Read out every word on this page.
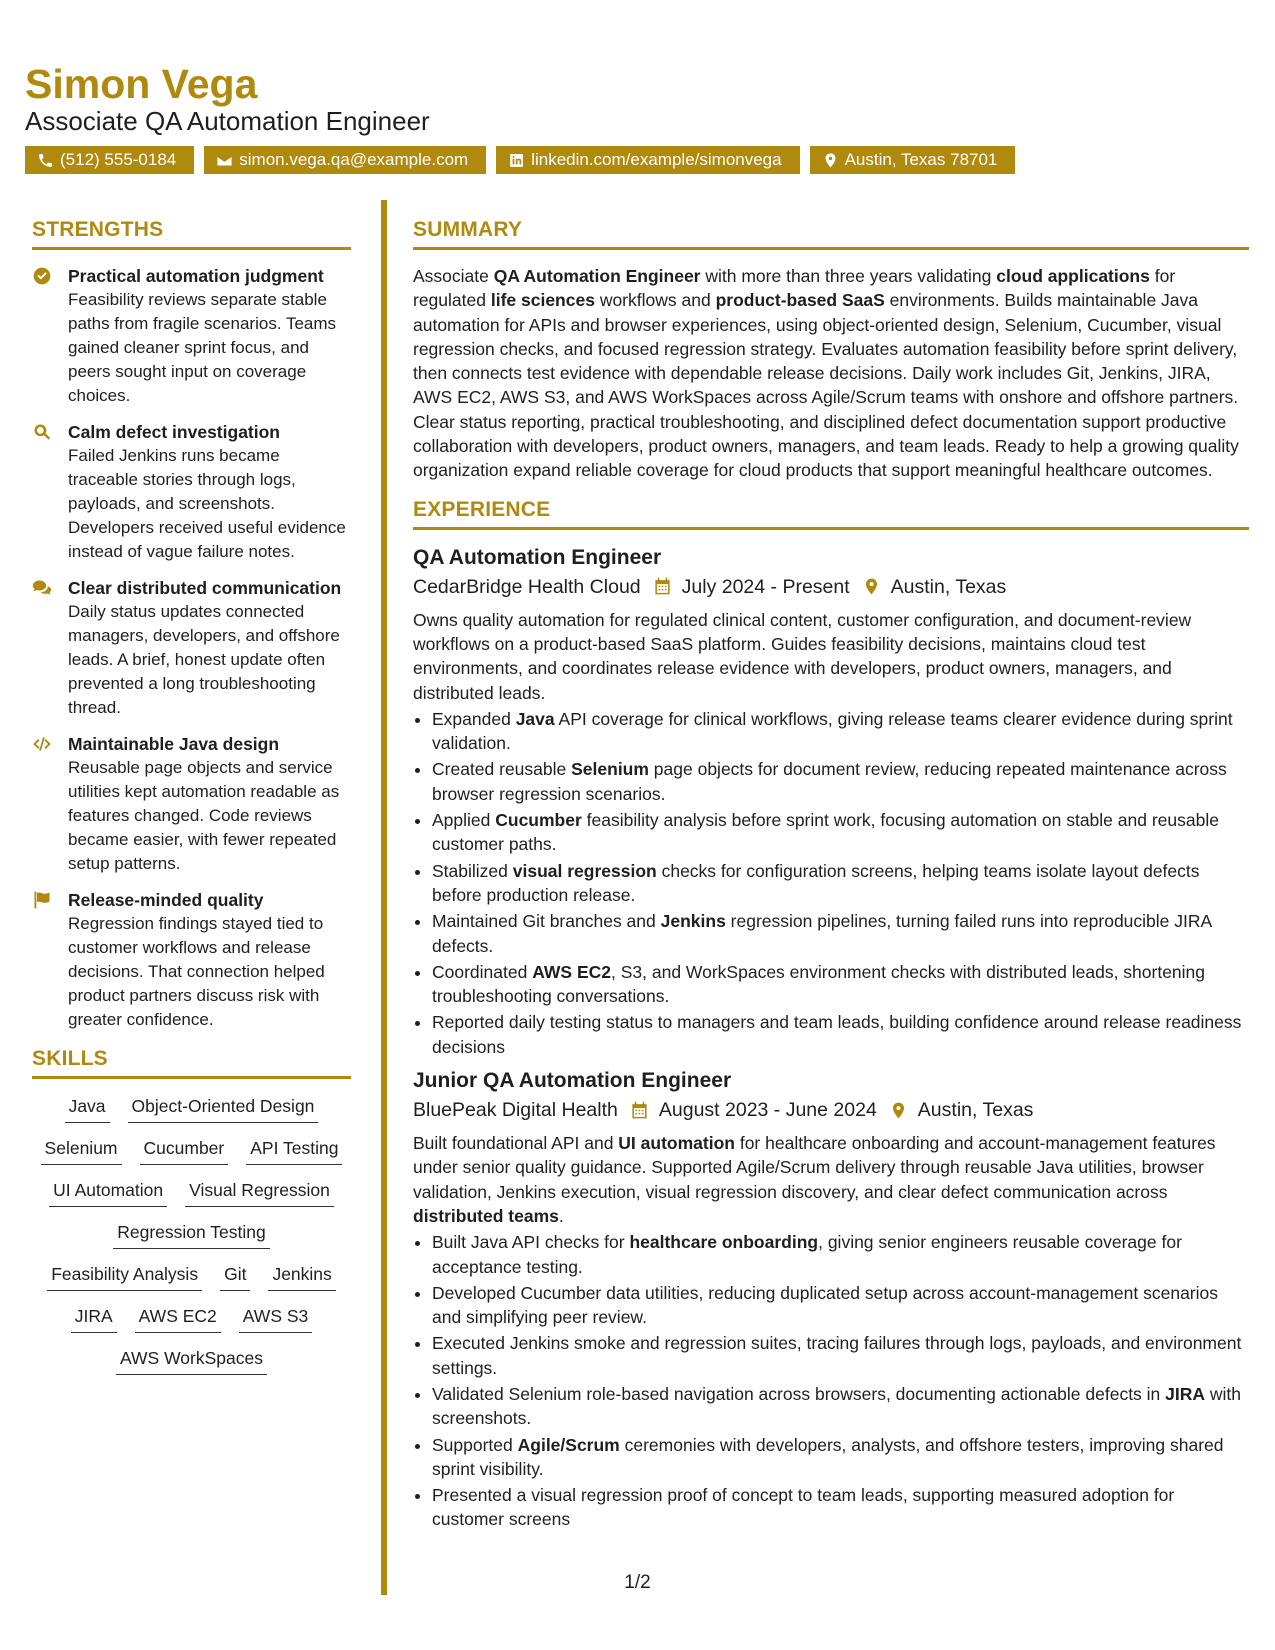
Simon Vega
Associate QA Automation Engineer
(512) 555-0184	simon.vega.qa@example.com	linkedin.com/example/simonvega	Austin, Texas 78701
STRENGTHS
Practical automation judgment
Feasibility reviews separate stable paths from fragile scenarios. Teams gained cleaner sprint focus, and peers sought input on coverage choices.
Calm defect investigation
Failed Jenkins runs became traceable stories through logs, payloads, and screenshots. Developers received useful evidence instead of vague failure notes.
Clear distributed communication
Daily status updates connected managers, developers, and offshore leads. A brief, honest update often prevented a long troubleshooting thread.
Maintainable Java design
Reusable page objects and service utilities kept automation readable as features changed. Code reviews became easier, with fewer repeated setup patterns.
Release-minded quality
Regression findings stayed tied to customer workflows and release decisions. That connection helped product partners discuss risk with greater confidence.
SKILLS
Java Object-Oriented Design
Selenium Cucumber API Testing
UI Automation Visual Regression
Regression Testing
Feasibility Analysis Git Jenkins
JIRA AWS EC2 AWS S3
AWS WorkSpaces
SUMMARY

Associate QA Automation Engineer with more than three years validating cloud applications for regulated life sciences workflows and product-based SaaS environments. Builds maintainable Java automation for APIs and browser experiences, using object-oriented design, Selenium, Cucumber, visual regression checks, and focused regression strategy. Evaluates automation feasibility before sprint delivery, then connects test evidence with dependable release decisions. Daily work includes Git, Jenkins, JIRA, AWS EC2, AWS S3, and AWS WorkSpaces across Agile/Scrum teams with onshore and offshore partners. Clear status reporting, practical troubleshooting, and disciplined defect documentation support productive collaboration with developers, product owners, managers, and team leads. Ready to help a growing quality organization expand reliable coverage for cloud products that support meaningful healthcare outcomes.

EXPERIENCE
QA Automation Engineer
CedarBridge Health Cloud July 2024 - Present Austin, Texas

Owns quality automation for regulated clinical content, customer configuration, and document-review workflows on a product-based SaaS platform. Guides feasibility decisions, maintains cloud test environments, and coordinates release evidence with developers, product owners, managers, and distributed leads.

• Expanded Java API coverage for clinical workflows, giving release teams clearer evidence during sprint validation.
• Created reusable Selenium page objects for document review, reducing repeated maintenance across browser regression scenarios.
• Applied Cucumber feasibility analysis before sprint work, focusing automation on stable and reusable customer paths.
• Stabilized visual regression checks for configuration screens, helping teams isolate layout defects before production release.
• Maintained Git branches and Jenkins regression pipelines, turning failed runs into reproducible JIRA defects.
• Coordinated AWS EC2, S3, and WorkSpaces environment checks with distributed leads, shortening troubleshooting conversations.
• Reported daily testing status to managers and team leads, building confidence around release readiness decisions
Junior QA Automation Engineer
BluePeak Digital Health August 2023 - June 2024 Austin, Texas

Built foundational API and UI automation for healthcare onboarding and account-management features under senior quality guidance. Supported Agile/Scrum delivery through reusable Java utilities, browser validation, Jenkins execution, visual regression discovery, and clear defect communication across distributed teams.

• Built Java API checks for healthcare onboarding, giving senior engineers reusable coverage for acceptance testing.
• Developed Cucumber data utilities, reducing duplicated setup across account-management scenarios and simplifying peer review.
• Executed Jenkins smoke and regression suites, tracing failures through logs, payloads, and environment settings.
• Validated Selenium role-based navigation across browsers, documenting actionable defects in JIRA with screenshots.
• Supported Agile/Scrum ceremonies with developers, analysts, and offshore testers, improving shared sprint visibility.
• Presented a visual regression proof of concept to team leads, supporting measured adoption for customer screens
1/2
